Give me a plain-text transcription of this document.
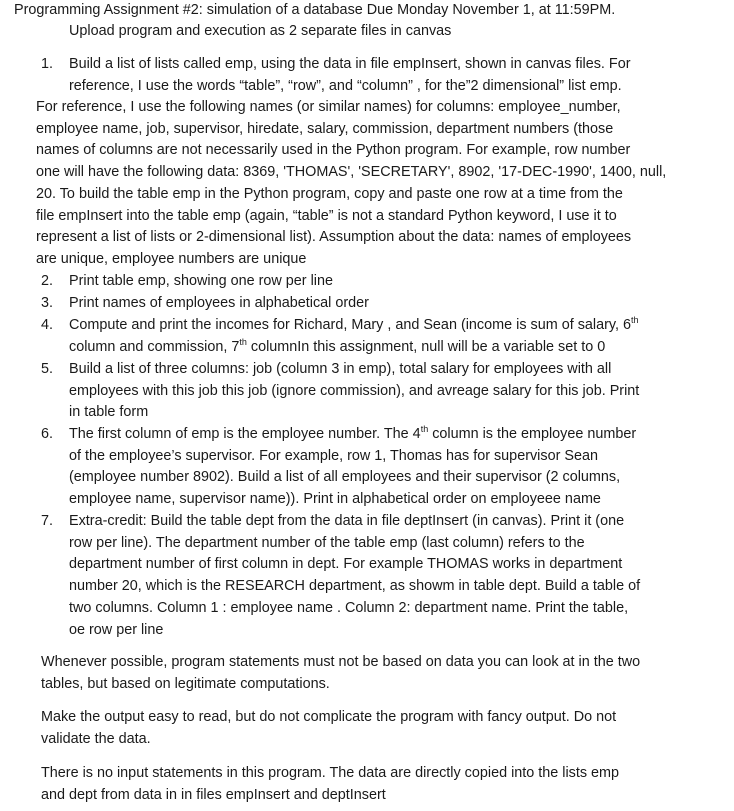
Programming Assignment #2: simulation of a database Due Monday November 1, at 11:59PM.
Upload program and execution as 2 separate files in canvas
1. Build a list of lists called emp, using the data in file empInsert, shown in canvas files. For
reference, I use the words “table”, “row”, and “column” , for the”2 dimensional” list emp.
For reference, I use the following names (or similar names) for columns: employee_number,
employee name, job, supervisor, hiredate, salary, commission, department numbers (those
names of columns are not necessarily used in the Python program. For example, row number
one will have the following data: 8369, 'THOMAS', 'SECRETARY', 8902, '17-DEC-1990', 1400, null,
20. To build the table emp in the Python program, copy and paste one row at a time from the
file empInsert into the table emp (again, “table” is not a standard Python keyword, I use it to
represent a list of lists or 2-dimensional list). Assumption about the data: names of employees
are unique, employee numbers are unique
2. Print table emp, showing one row per line
3. Print names of employees in alphabetical order
4. Compute and print the incomes for Richard, Mary , and Sean (income is sum of salary, 6th
column and commission, 7th columnIn this assignment, null will be a variable set to 0
5. Build a list of three columns: job (column 3 in emp), total salary for employees with all
employees with this job this job (ignore commission), and avreage salary for this job. Print
in table form
6. The first column of emp is the employee number. The 4th column is the employee number
of the employee’s supervisor. For example, row 1, Thomas has for supervisor Sean
(employee number 8902). Build a list of all employees and their supervisor (2 columns,
employee name, supervisor name)). Print in alphabetical order on employeee name
7. Extra-credit: Build the table dept from the data in file deptInsert (in canvas). Print it (one
row per line). The department number of the table emp (last column) refers to the
department number of first column in dept. For example THOMAS works in department
number 20, which is the RESEARCH department, as showm in table dept. Build a table of
two columns. Column 1 : employee name . Column 2: department name. Print the table,
oe row per line
Whenever possible, program statements must not be based on data you can look at in the two
tables, but based on legitimate computations.
Make the output easy to read, but do not complicate the program with fancy output. Do not
validate the data.
There is no input statements in this program. The data are directly copied into the lists emp
and dept from data in in files empInsert and deptInsert
